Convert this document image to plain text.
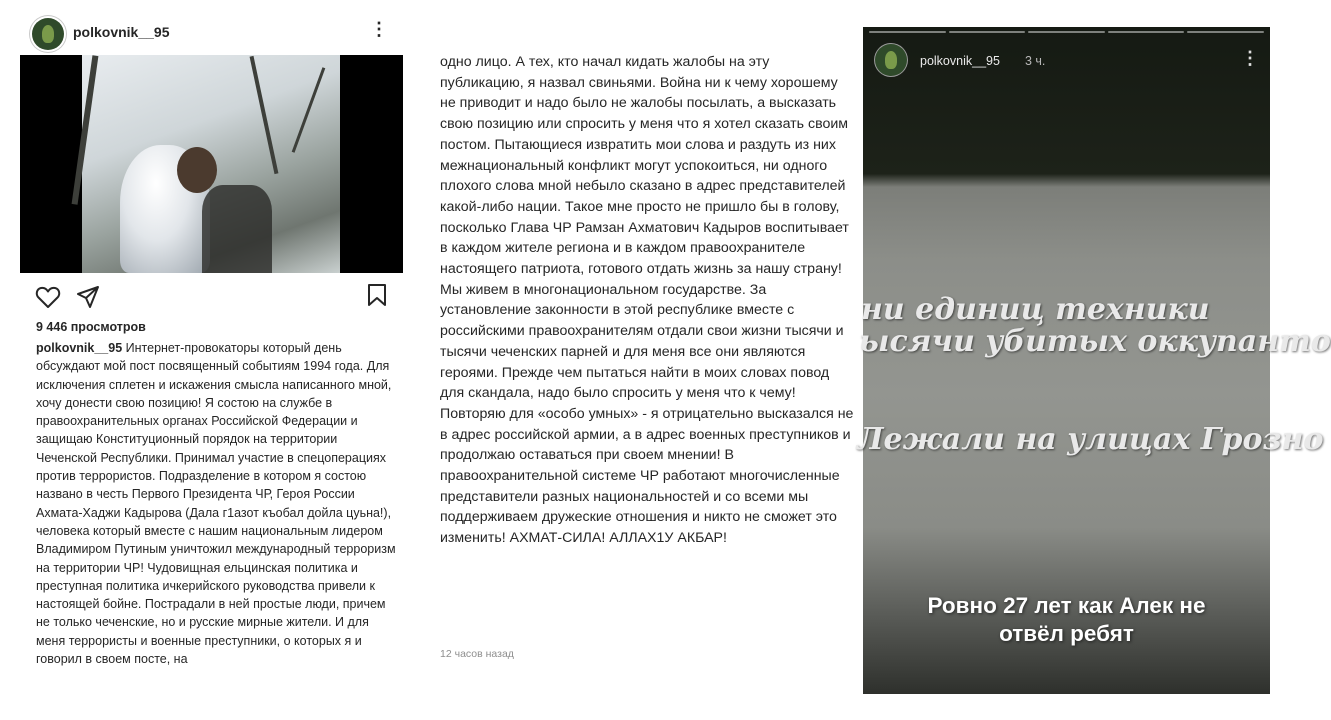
polkovnik__95	⋮
9 446 просмотров
polkovnik__95 Интернет-провокаторы который день обсуждают мой пост посвященный событиям 1994 года. Для исключения сплетен и искажения смысла написанного мной, хочу донести свою позицию! Я состою на службе в правоохранительных органах Российской Федерации и защищаю Конституционный порядок на территории Чеченской Республики. Принимал участие в спецоперациях против террористов. Подразделение в котором я состою названо в честь Первого Президента ЧР, Героя России Ахмата-Хаджи Кадырова (Дала г1азот къобал дойла цуьна!), человека который вместе с нашим национальным лидером Владимиром Путиным уничтожил международный терроризм на территории ЧР! Чудовищная ельцинская политика и преступная политика ичкерийского руководства привели к настоящей бойне. Пострадали в ней простые люди, причем не только чеченские, но и русские мирные жители. И для меня террористы и военные преступники, о которых я и говорил в своем посте, на
одно лицо. А тех, кто начал кидать жалобы на эту публикацию, я назвал свиньями. Война ни к чему хорошему не приводит и надо было не жалобы посылать, а высказать свою позицию или спросить у меня что я хотел сказать своим постом. Пытающиеся извратить мои слова и раздуть из них межнациональный конфликт могут успокоиться, ни одного плохого слова мной небыло сказано в адрес представителей какой-либо нации. Такое мне просто не пришло бы в голову, посколько Глава ЧР Рамзан Ахматович Кадыров воспитывает в каждом жителе региона и в каждом правоохранителе настоящего патриота, готового отдать жизнь за нашу страну! Мы живем в многонациональном государстве. За установление законности в этой республике вместе с российскими правоохранителям отдали свои жизни тысячи и тысячи чеченских парней и для меня все они являются героями. Прежде чем пытаться найти в моих словах повод для скандала, надо было спросить у меня что к чему! Повторяю для «особо умных» - я отрицательно высказался не в адрес российской армии, а в адрес военных преступников и продолжаю оставаться при своем мнении! В правоохранительной системе ЧР работают многочисленные представители разных национальностей и со всеми мы поддерживаем дружеские отношения и никто не сможет это изменить! АХМАТ-СИЛА! АЛЛАХ1У АКБАР!
12 часов назад
polkovnik__95 3 ч.	⋮
ни единиц техники
ысячи убитых оккупанто
Лежали на улицах Грозно
Ровно 27 лет как Алек не
отвёл ребят
